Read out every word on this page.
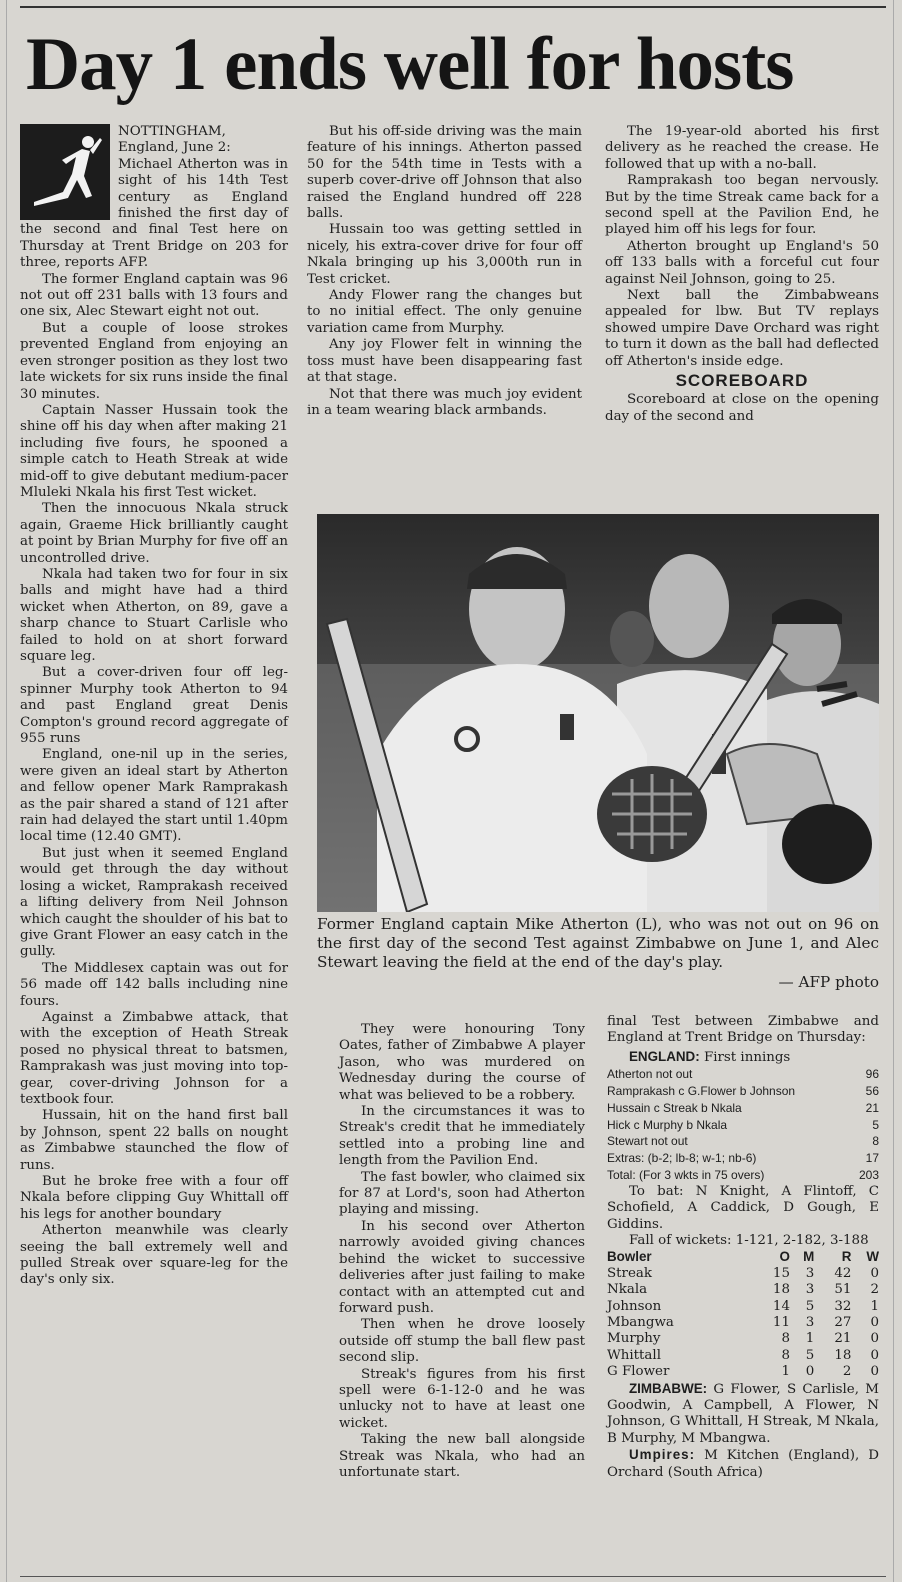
Day 1 ends well for hosts

NOTTINGHAM, England, June 2:

Michael Atherton was in sight of his 14th Test century as England finished the first day of the second and final Test here on Thursday at Trent Bridge on 203 for three, reports AFP.

The former England captain was 96 not out off 231 balls with 13 fours and one six, Alec Stewart eight not out.

But a couple of loose strokes prevented England from enjoying an even stronger position as they lost two late wickets for six runs inside the final 30 minutes.

Captain Nasser Hussain took the shine off his day when after making 21 including five fours, he spooned a simple catch to Heath Streak at wide mid-off to give debutant medium-pacer Mluleki Nkala his first Test wicket.

Then the innocuous Nkala struck again, Graeme Hick brilliantly caught at point by Brian Murphy for five off an uncontrolled drive.

Nkala had taken two for four in six balls and might have had a third wicket when Atherton, on 89, gave a sharp chance to Stuart Carlisle who failed to hold on at short forward square leg.

But a cover-driven four off leg-spinner Murphy took Atherton to 94 and past England great Denis Compton's ground record aggregate of 955 runs

England, one-nil up in the series, were given an ideal start by Atherton and fellow opener Mark Ramprakash as the pair shared a stand of 121 after rain had delayed the start until 1.40pm local time (12.40 GMT).

But just when it seemed England would get through the day without losing a wicket, Ramprakash received a lifting delivery from Neil Johnson which caught the shoulder of his bat to give Grant Flower an easy catch in the gully.

The Middlesex captain was out for 56 made off 142 balls including nine fours.

Against a Zimbabwe attack, that with the exception of Heath Streak posed no physical threat to batsmen, Ramprakash was just moving into top-gear, cover-driving Johnson for a textbook four.

Hussain, hit on the hand first ball by Johnson, spent 22 balls on nought as Zimbabwe staunched the flow of runs.

But he broke free with a four off Nkala before clipping Guy Whittall off his legs for another boundary

Atherton meanwhile was clearly seeing the ball extremely well and pulled Streak over square-leg for the day's only six.

But his off-side driving was the main feature of his innings. Atherton passed 50 for the 54th time in Tests with a superb cover-drive off Johnson that also raised the England hundred off 228 balls.

Hussain too was getting settled in nicely, his extra-cover drive for four off Nkala bringing up his 3,000th run in Test cricket.

Andy Flower rang the changes but to no initial effect. The only genuine variation came from Murphy.

Any joy Flower felt in winning the toss must have been disappearing fast at that stage.

Not that there was much joy evident in a team wearing black armbands.

The 19-year-old aborted his first delivery as he reached the crease. He followed that up with a no-ball.

Ramprakash too began nervously. But by the time Streak came back for a second spell at the Pavilion End, he played him off his legs for four.

Atherton brought up England's 50 off 133 balls with a forceful cut four against Neil Johnson, going to 25.

Next ball the Zimbabweans appealed for lbw. But TV replays showed umpire Dave Orchard was right to turn it down as the ball had deflected off Atherton's inside edge.

SCOREBOARD

Scoreboard at close on the opening day of the second and

Former England captain Mike Atherton (L), who was not out on 96 on the first day of the second Test against Zimbabwe on June 1, and Alec Stewart leaving the field at the end of the day's play.
— AFP photo

They were honouring Tony Oates, father of Zimbabwe A player Jason, who was murdered on Wednesday during the course of what was believed to be a robbery.

In the circumstances it was to Streak's credit that he immediately settled into a probing line and length from the Pavilion End.

The fast bowler, who claimed six for 87 at Lord's, soon had Atherton playing and missing.

In his second over Atherton narrowly avoided giving chances behind the wicket to successive deliveries after just failing to make contact with an attempted cut and forward push.

Then when he drove loosely outside off stump the ball flew past second slip.

Streak's figures from his first spell were 6-1-12-0 and he was unlucky not to have at least one wicket.

Taking the new ball alongside Streak was Nkala, who had an unfortunate start.

final Test between Zimbabwe and England at Trent Bridge on Thursday:

ENGLAND: First innings

Atherton not out	96
Ramprakash c G.Flower b Johnson	56
Hussain c Streak b Nkala	21
Hick c Murphy b Nkala	5
Stewart not out	8
Extras: (b-2; lb-8; w-1; nb-6)	17
Total: (For 3 wkts in 75 overs)	203

To bat: N Knight, A Flintoff, C Schofield, A Caddick, D Gough, E Giddins.

Fall of wickets: 1-121, 2-182, 3-188

Bowler	O	M	R	W
Streak	15	3	42	0
Nkala	18	3	51	2
Johnson	14	5	32	1
Mbangwa	11	3	27	0
Murphy	8	1	21	0
Whittall	8	5	18	0
G Flower	1	0	2	0

ZIMBABWE: G Flower, S Carlisle, M Goodwin, A Campbell, A Flower, N Johnson, G Whittall, H Streak, M Nkala, B Murphy, M Mbangwa.

Umpires: M Kitchen (England), D Orchard (South Africa)
